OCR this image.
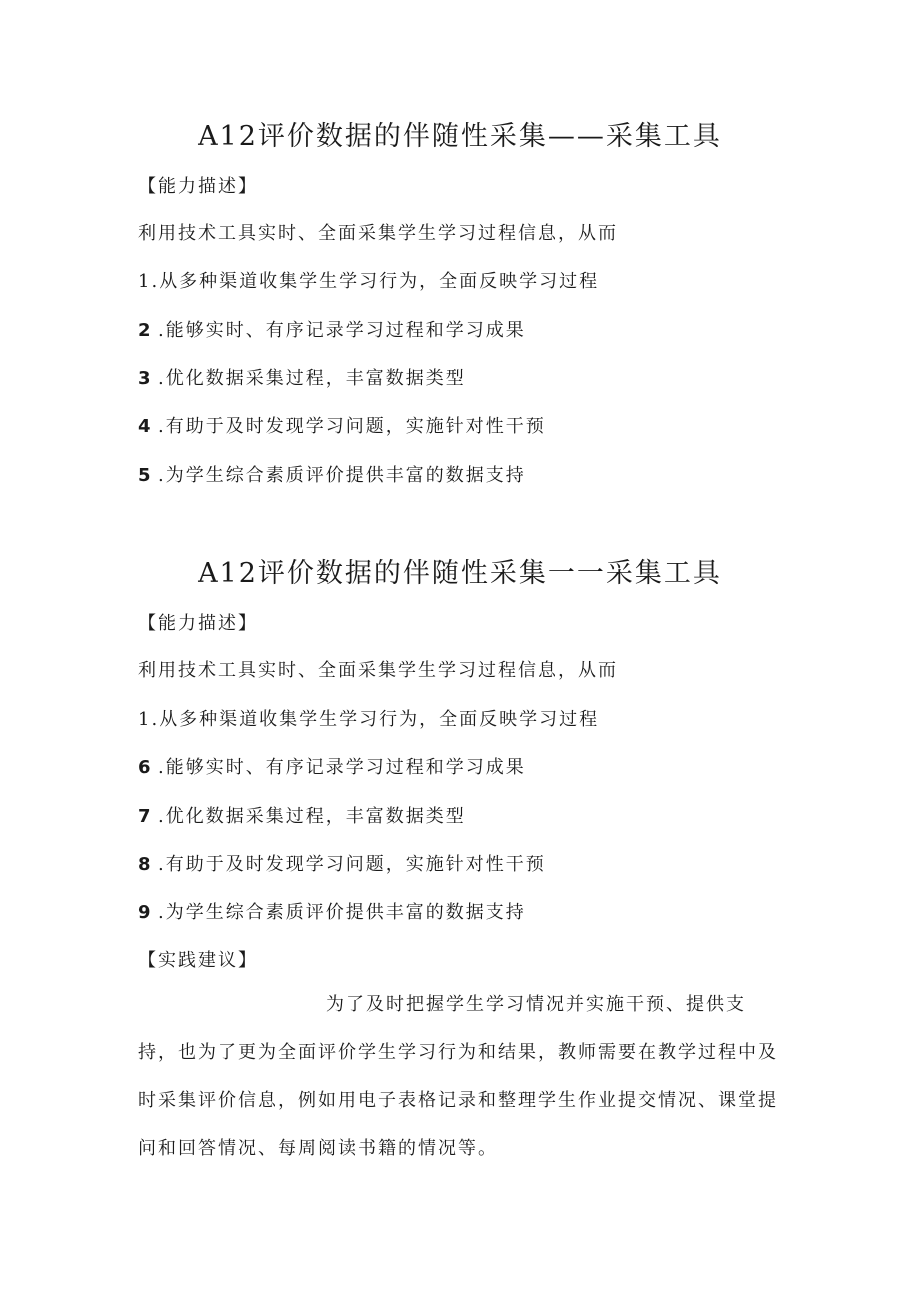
A12评价数据的伴随性采集——采集工具
【能力描述】
利用技术工具实时、全面采集学生学习过程信息，从而
1.从多种渠道收集学生学习行为，全面反映学习过程
2 .能够实时、有序记录学习过程和学习成果
3 .优化数据采集过程，丰富数据类型
4 .有助于及时发现学习问题，实施针对性干预
5 .为学生综合素质评价提供丰富的数据支持
A12评价数据的伴随性采集一一采集工具
【能力描述】
利用技术工具实时、全面采集学生学习过程信息，从而
1.从多种渠道收集学生学习行为，全面反映学习过程
6 .能够实时、有序记录学习过程和学习成果
7 .优化数据采集过程，丰富数据类型
8 .有助于及时发现学习问题，实施针对性干预
9 .为学生综合素质评价提供丰富的数据支持
【实践建议】
为了及时把握学生学习情况并实施干预、提供支
持，也为了更为全面评价学生学习行为和结果，教师需要在教学过程中及
时采集评价信息，例如用电子表格记录和整理学生作业提交情况、课堂提
问和回答情况、每周阅读书籍的情况等。
